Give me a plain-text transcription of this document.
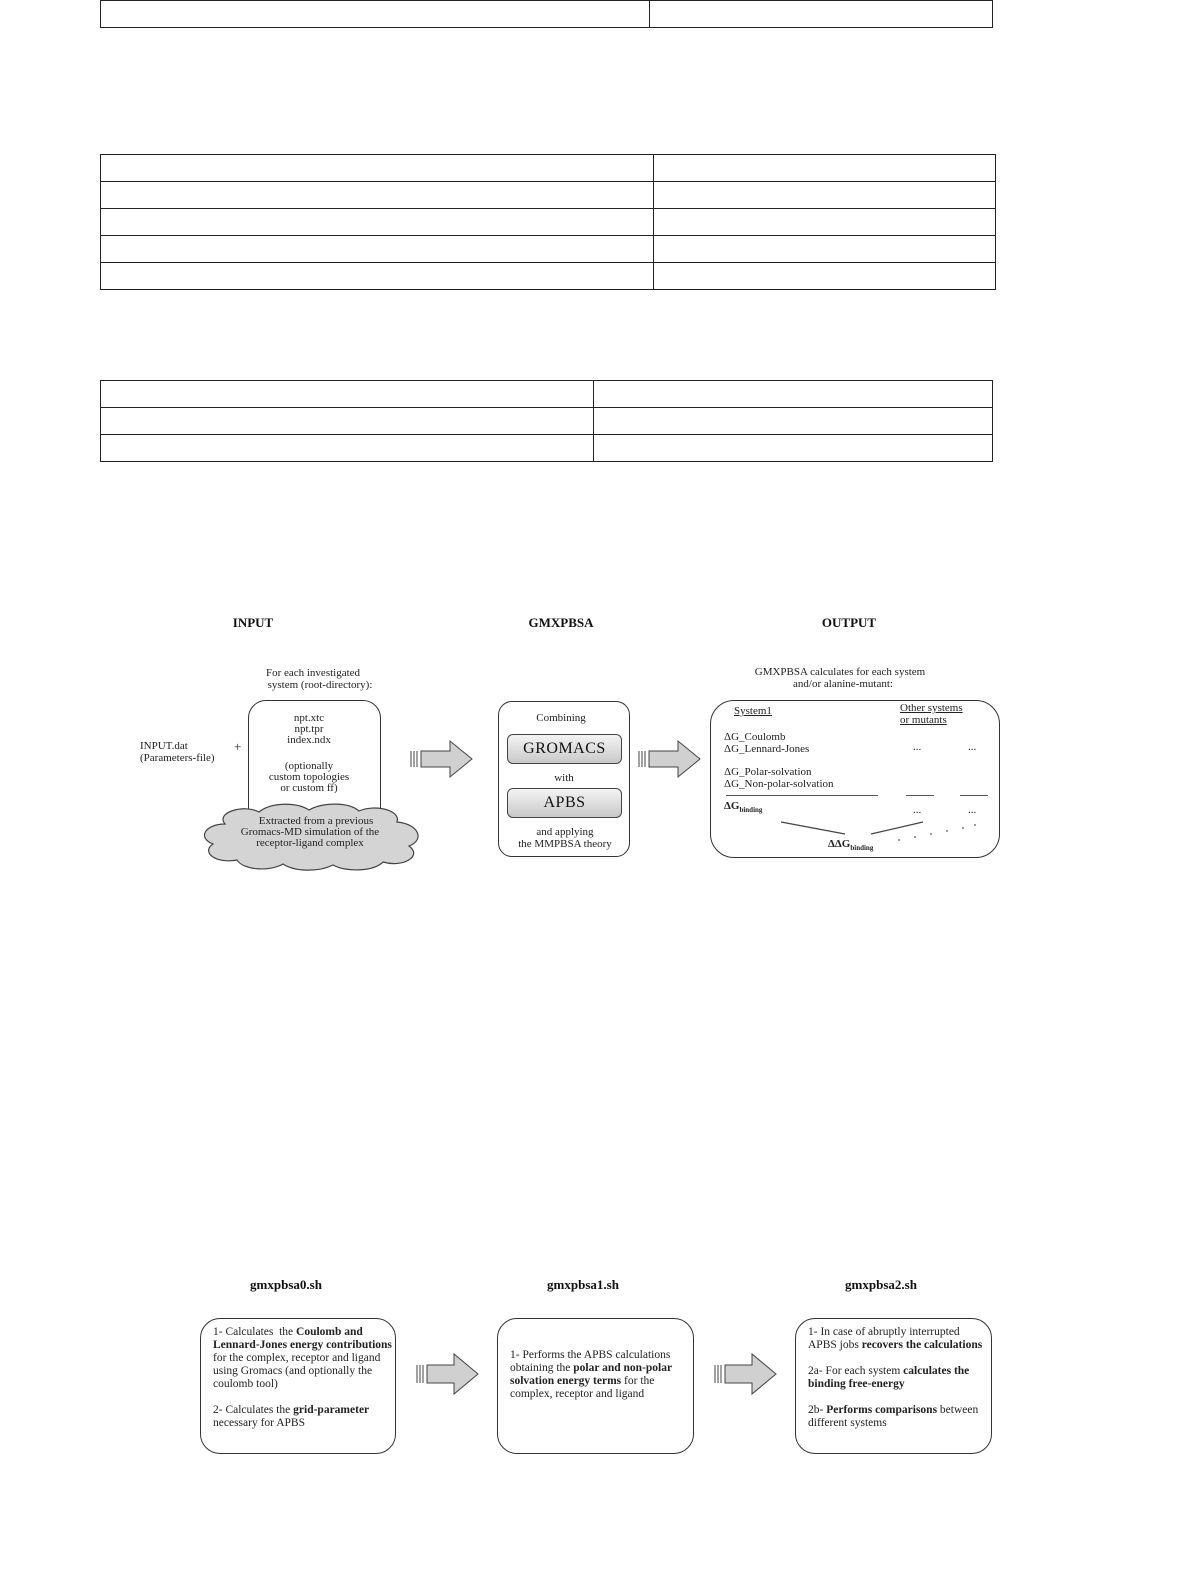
INPUT	GMXPBSA	OUTPUT
For each investigated
system (root-directory):
INPUT.dat
(Parameters-file)
+
npt.xtc
npt.tpr
index.ndx
(optionally
custom topologies
or custom ff)
Extracted from a previous
Gromacs-MD simulation of the
receptor-ligand complex
Combining
GROMACS
with
APBS
and applying
the MMPBSA theory
GMXPBSA calculates for each system
and/or alanine-mutant:
System1	Other systems
or mutants
ΔG_Coulomb
ΔG_Lennard-Jones	...	...
ΔG_Polar-solvation
ΔG_Non-polar-solvation
$\Delta G_{binding}$	...	...
$\Delta\Delta G_{binding}$
gmxpbsa0.sh	gmxpbsa1.sh	gmxpbsa2.sh
1- Calculates  the Coulomb and Lennard-Jones energy contributions for the complex, receptor and ligand using Gromacs (and optionally the coulomb tool)

2- Calculates the grid-parameter necessary for APBS
1- Performs the APBS calculations obtaining the polar and non-polar solvation energy terms for the complex, receptor and ligand
1- In case of abruptly interrupted APBS jobs recovers the calculations

2a- For each system calculates the binding free-energy

2b- Performs comparisons between different systems
